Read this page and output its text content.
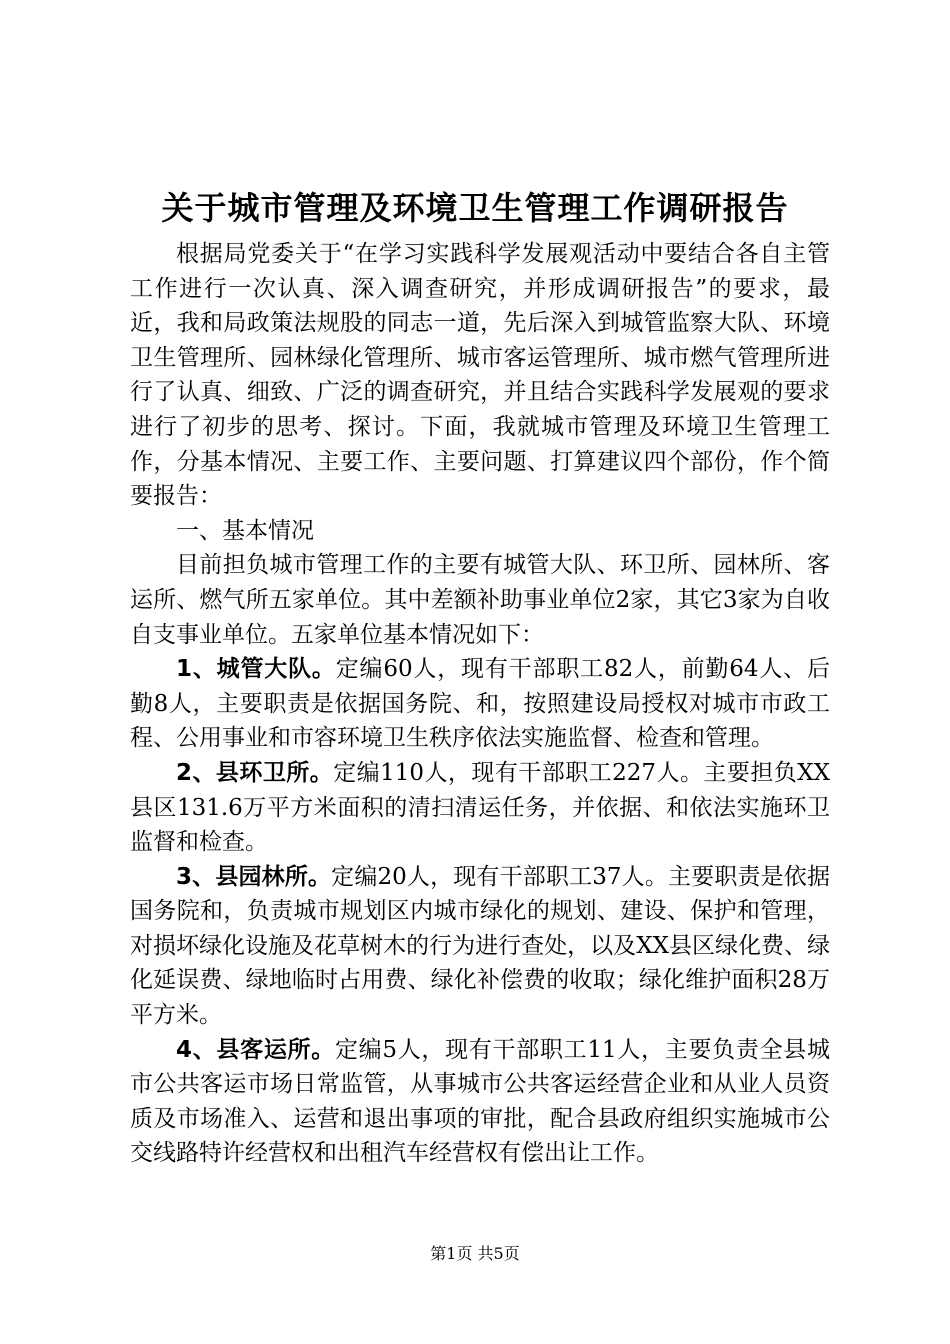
关于城市管理及环境卫生管理工作调研报告

根据局党委关于“在学习实践科学发展观活动中要结合各自主管工作进行一次认真、深入调查研究，并形成调研报告”的要求，最近，我和局政策法规股的同志一道，先后深入到城管监察大队、环境卫生管理所、园林绿化管理所、城市客运管理所、城市燃气管理所进行了认真、细致、广泛的调查研究，并且结合实践科学发展观的要求进行了初步的思考、探讨。下面，我就城市管理及环境卫生管理工作，分基本情况、主要工作、主要问题、打算建议四个部份，作个简要报告：

一、基本情况

目前担负城市管理工作的主要有城管大队、环卫所、园林所、客运所、燃气所五家单位。其中差额补助事业单位2家，其它3家为自收自支事业单位。五家单位基本情况如下：

1、城管大队。定编60人，现有干部职工82人，前勤64人、后勤8人，主要职责是依据国务院、和，按照建设局授权对城市市政工程、公用事业和市容环境卫生秩序依法实施监督、检查和管理。

2、县环卫所。定编110人，现有干部职工227人。主要担负XX县区131.6万平方米面积的清扫清运任务，并依据、和依法实施环卫监督和检查。

3、县园林所。定编20人，现有干部职工37人。主要职责是依据国务院和，负责城市规划区内城市绿化的规划、建设、保护和管理，对损坏绿化设施及花草树木的行为进行查处，以及XX县区绿化费、绿化延误费、绿地临时占用费、绿化补偿费的收取；绿化维护面积28万平方米。

4、县客运所。定编5人，现有干部职工11人，主要负责全县城市公共客运市场日常监管，从事城市公共客运经营企业和从业人员资质及市场准入、运营和退出事项的审批，配合县政府组织实施城市公交线路特许经营权和出租汽车经营权有偿出让工作。

第1页 共5页
